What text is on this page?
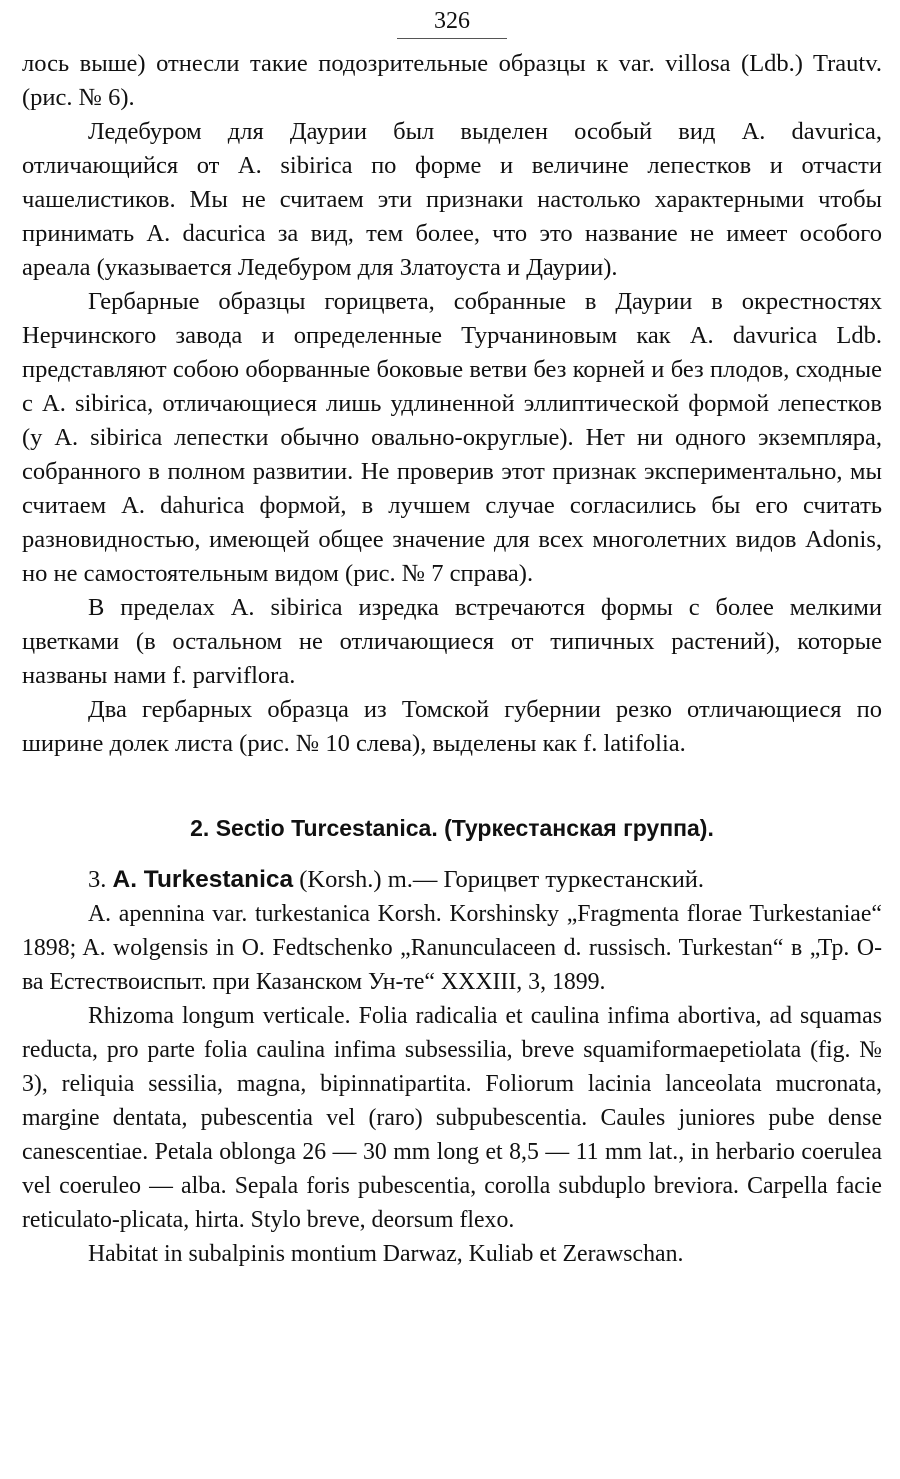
326

лось выше) отнесли такие подозрительные образцы к var. villosa (Ldb.) Trautv. (рис. № 6).

Ледебуром для Даурии был выделен особый вид A. davurica, отличающийся от A. sibirica по форме и величине лепестков и отчасти чашелистиков. Мы не считаем эти признаки настолько характерными чтобы принимать A. dacurica за вид, тем более, что это название не имеет особого ареала (указывается Ледебуром для Златоуста и Даурии).

Гербарные образцы горицвета, собранные в Даурии в окрестностях Нерчинского завода и определенные Турчаниновым как A. davurica Ldb. представляют собою оборванные боковые ветви без корней и без плодов, сходные с A. sibirica, отличающиеся лишь удлиненной эллиптической формой лепестков (у A. sibirica лепестки обычно овально-округлые). Нет ни одного экземпляра, собранного в полном развитии. Не проверив этот признак экспериментально, мы считаем A. dahurica формой, в лучшем случае согласились бы его считать разновидностью, имеющей общее значение для всех многолетних видов Adonis, но не самостоятельным видом (рис. № 7 справа).

В пределах A. sibirica изредка встречаются формы с более мелкими цветками (в остальном не отличающиеся от типичных растений), которые названы нами f. parviflora.

Два гербарных образца из Томской губернии резко отличающиеся по ширине долек листа (рис. № 10 слева), выделены как f. latifolia.

2. Sectio Turcestanica. (Туркестанская группа).

3. A. Turkestanica (Korsh.) m.— Горицвет туркестанский.

A. apennina var. turkestanica Korsh. Korshinsky „Fragmenta florae Turkestaniae“ 1898; A. wolgensis in O. Fedtschenko „Ranunculaceen d. russisch. Turkestan“ в „Тр. О-ва Естествоиспыт. при Казанском Ун-те“ XXXIII, 3, 1899.

Rhizoma longum verticale. Folia radicalia et caulina infima abortiva, ad squamas reducta, pro parte folia caulina infima subsessilia, breve squamiformaepetiolata (fig. № 3), reliquia sessilia, magna, bipinnatipartita. Foliorum lacinia lanceolata mucronata, margine dentata, pubescentia vel (raro) subpubescentia. Caules juniores pube dense canescentiae. Petala oblonga 26 — 30 mm long et 8,5 — 11 mm lat., in herbario coerulea vel coeruleo — alba. Sepala foris pubescentia, corolla subduplo breviora. Carpella facie reticulato-plicata, hirta. Stylo breve, deorsum flexo.

Habitat in subalpinis montium Darwaz, Kuliab et Zerawschan.
